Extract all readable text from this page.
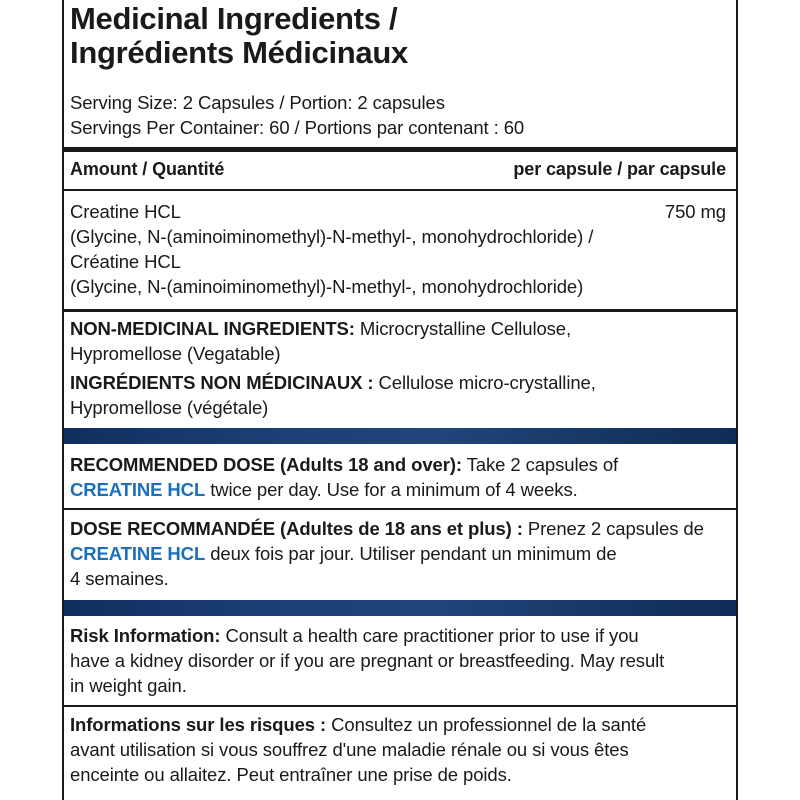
Medicinal Ingredients /
Ingrédients Médicinaux
Serving Size: 2 Capsules / Portion: 2 capsules
Servings Per Container: 60 / Portions par contenant : 60
Amount / Quantité	per capsule / par capsule
Creatine HCL	750 mg
(Glycine, N-(aminoiminomethyl)-N-methyl-, monohydrochloride) /
Créatine HCL
(Glycine, N-(aminoiminomethyl)-N-methyl-, monohydrochloride)
NON-MEDICINAL INGREDIENTS: Microcrystalline Cellulose,
Hypromellose (Vegatable)
INGRÉDIENTS NON MÉDICINAUX : Cellulose micro-crystalline,
Hypromellose (végétale)
RECOMMENDED DOSE (Adults 18 and over): Take 2 capsules of
CREATINE HCL twice per day. Use for a minimum of 4 weeks.
DOSE RECOMMANDÉE (Adultes de 18 ans et plus) : Prenez 2 capsules de
CREATINE HCL deux fois par jour. Utiliser pendant un minimum de
4 semaines.
Risk Information: Consult a health care practitioner prior to use if you
have a kidney disorder or if you are pregnant or breastfeeding. May result
in weight gain.
Informations sur les risques : Consultez un professionnel de la santé
avant utilisation si vous souffrez d'une maladie rénale ou si vous êtes
enceinte ou allaitez. Peut entraîner une prise de poids.
